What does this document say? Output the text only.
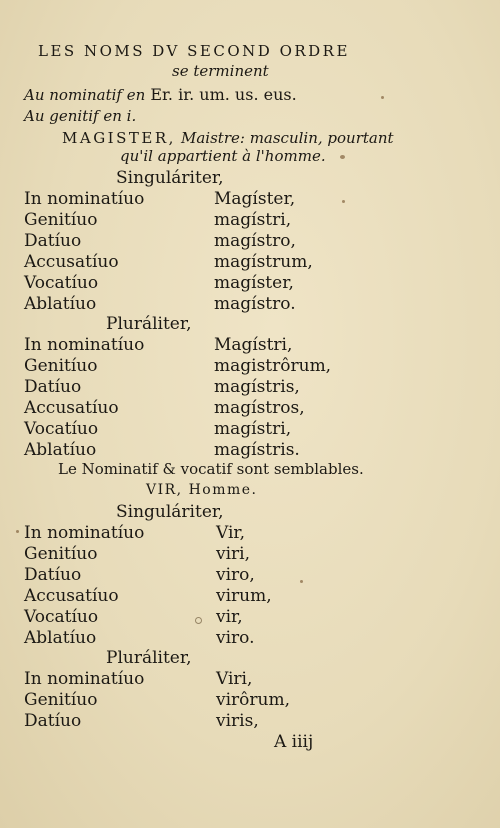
LES NOMS DV SECOND ORDRE
se terminent
Au nominatif en Er. ir. um. us. eus.
Au genitif en i.
MAGISTER, Maistre: masculin, pourtant
qu'il appartient à l'homme.
Singuláriter,
In nominatíuo	Magíster,
Genitíuo	magístri,
Datíuo	magístro,
Accusatíuo	magístrum,
Vocatíuo	magíster,
Ablatíuo	magístro.
Pluráliter,
In nominatíuo	Magístri,
Genitíuo	magistrôrum,
Datíuo	magístris,
Accusatíuo	magístros,
Vocatíuo	magístri,
Ablatíuo	magístris.
Le Nominatif & vocatif sont semblables.
VIR, Homme.
Singuláriter,
In nominatíuo	Vir,
Genitíuo	viri,
Datíuo	viro,
Accusatíuo	virum,
Vocatíuo	vir,
Ablatíuo	viro.
Pluráliter,
In nominatíuo	Viri,
Genitíuo	virôrum,
Datíuo	viris,
A iiij
